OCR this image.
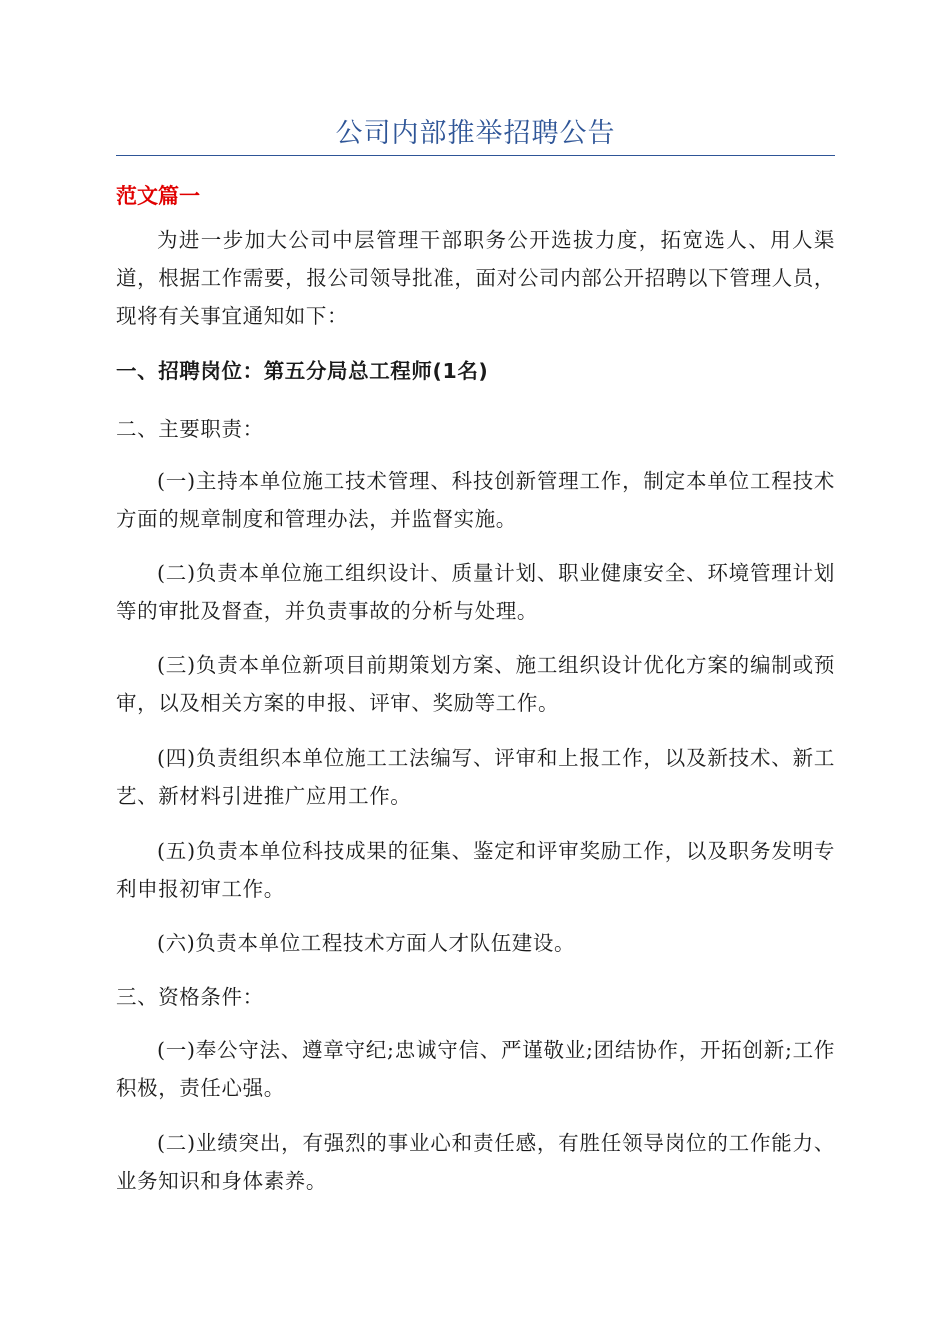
公司内部推举招聘公告
范文篇一

为进一步加大公司中层管理干部职务公开选拔力度，拓宽选人、用人渠道，根据工作需要，报公司领导批准，面对公司内部公开招聘以下管理人员，现将有关事宜通知如下：

一、招聘岗位：第五分局总工程师(1名)

二、主要职责：

(一)主持本单位施工技术管理、科技创新管理工作，制定本单位工程技术方面的规章制度和管理办法，并监督实施。

(二)负责本单位施工组织设计、质量计划、职业健康安全、环境管理计划等的审批及督查，并负责事故的分析与处理。

(三)负责本单位新项目前期策划方案、施工组织设计优化方案的编制或预审，以及相关方案的申报、评审、奖励等工作。

(四)负责组织本单位施工工法编写、评审和上报工作，以及新技术、新工艺、新材料引进推广应用工作。

(五)负责本单位科技成果的征集、鉴定和评审奖励工作，以及职务发明专利申报初审工作。

(六)负责本单位工程技术方面人才队伍建设。

三、资格条件：

(一)奉公守法、遵章守纪;忠诚守信、严谨敬业;团结协作，开拓创新;工作积极，责任心强。

(二)业绩突出，有强烈的事业心和责任感，有胜任领导岗位的工作能力、业务知识和身体素养。
